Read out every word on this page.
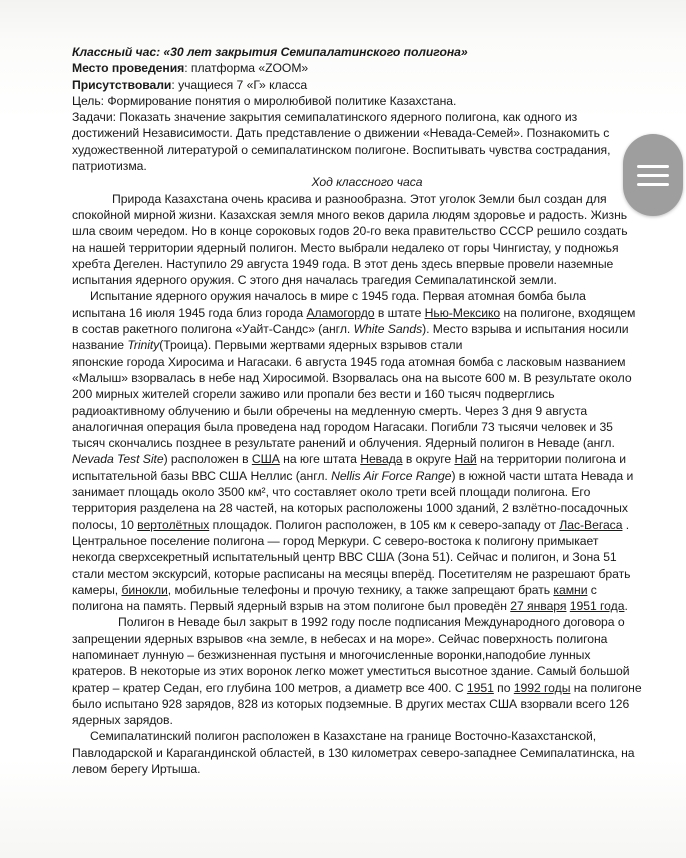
Классный час: «30 лет закрытия Семипалатинского полигона»

Место проведения: платформа «ZOOM»

Присутствовали: учащиеся 7 «Г» класса

Цель: Формирование понятия о миролюбивой политике Казахстана.

Задачи: Показать значение закрытия семипалатинского ядерного полигона, как одного из достижений Независимости. Дать представление о движении «Невада-Семей». Познакомить с художественной литературой о семипалатинском полигоне. Воспитывать чувства сострадания, патриотизма.

Ход классного часа

Природа Казахстана очень красива и разнообразна. Этот уголок Земли был создан для спокойной мирной жизни. Казахская земля много веков дарила людям здоровье и радость. Жизнь шла своим чередом. Но в конце сороковых годов 20-го века правительство СССР решило создать на нашей территории ядерный полигон. Место выбрали недалеко от горы Чингистау, у подножья хребта Дегелен. Наступило 29 августа 1949 года. В этот день здесь впервые провели наземные испытания ядерного оружия. С этого дня началась трагедия Семипалатинской земли.

Испытание ядерного оружия началось в мире с 1945 года. Первая атомная бомба была испытана 16 июля 1945 года близ города Аламогордо в штате Нью-Мексико на полигоне, входящем в состав ракетного полигона «Уайт-Сандс» (англ. White Sands). Место взрыва и испытания носили название Trinity(Троица). Первыми жертвами ядерных взрывов стали

японские города Хиросима и Нагасаки. 6 августа 1945 года атомная бомба с ласковым названием «Малыш» взорвалась в небе над Хиросимой. Взорвалась она на высоте 600 м. В результате около 200 мирных жителей сгорели заживо или пропали без вести и 160 тысяч подверглись радиоактивному облучению и были обречены на медленную смерть. Через 3 дня 9 августа аналогичная операция была проведена над городом Нагасаки. Погибли 73 тысячи человек и 35 тысяч скончались позднее в результате ранений и облучения. Ядерный полигон в Неваде (англ. Nevada Test Site) расположен в США на юге штата Невада в округе Най на территории полигона и испытательной базы ВВС США Неллис (англ. Nellis Air Force Range) в южной части штата Невада и занимает площадь около 3500 км², что составляет около трети всей площади полигона. Его территория разделена на 28 частей, на которых расположены 1000 зданий, 2 взлётно-посадочных полосы, 10 вертолётных площадок. Полигон расположен, в 105 км к северо-западу от Лас-Вегаса . Центральное поселение полигона — город Меркури. С северо-востока к полигону примыкает некогда сверхсекретный испытательный центр ВВС США (Зона 51). Сейчас и полигон, и Зона 51 стали местом экскурсий, которые расписаны на месяцы вперёд. Посетителям не разрешают брать камеры, бинокли, мобильные телефоны и прочую технику, а также запрещают брать камни с полигона на память. Первый ядерный взрыв на этом полигоне был проведён 27 января 1951 года.

Полигон в Неваде был закрыт в 1992 году после подписания Международного договора о запрещении ядерных взрывов «на земле, в небесах и на море». Сейчас поверхность полигона напоминает лунную – безжизненная пустыня и многочисленные воронки,наподобие лунных кратеров. В некоторые из этих воронок легко может уместиться высотное здание. Самый большой кратер – кратер Седан, его глубина 100 метров, а диаметр все 400. С 1951 по 1992 годы на полигоне было испытано 928 зарядов, 828 из которых подземные. В других местах США взорвали всего 126 ядерных зарядов.

Семипалатинский полигон расположен в Казахстане на границе Восточно-Казахстанской, Павлодарской и Карагандинской областей, в 130 километрах северо-западнее Семипалатинска, на левом берегу Иртыша.
